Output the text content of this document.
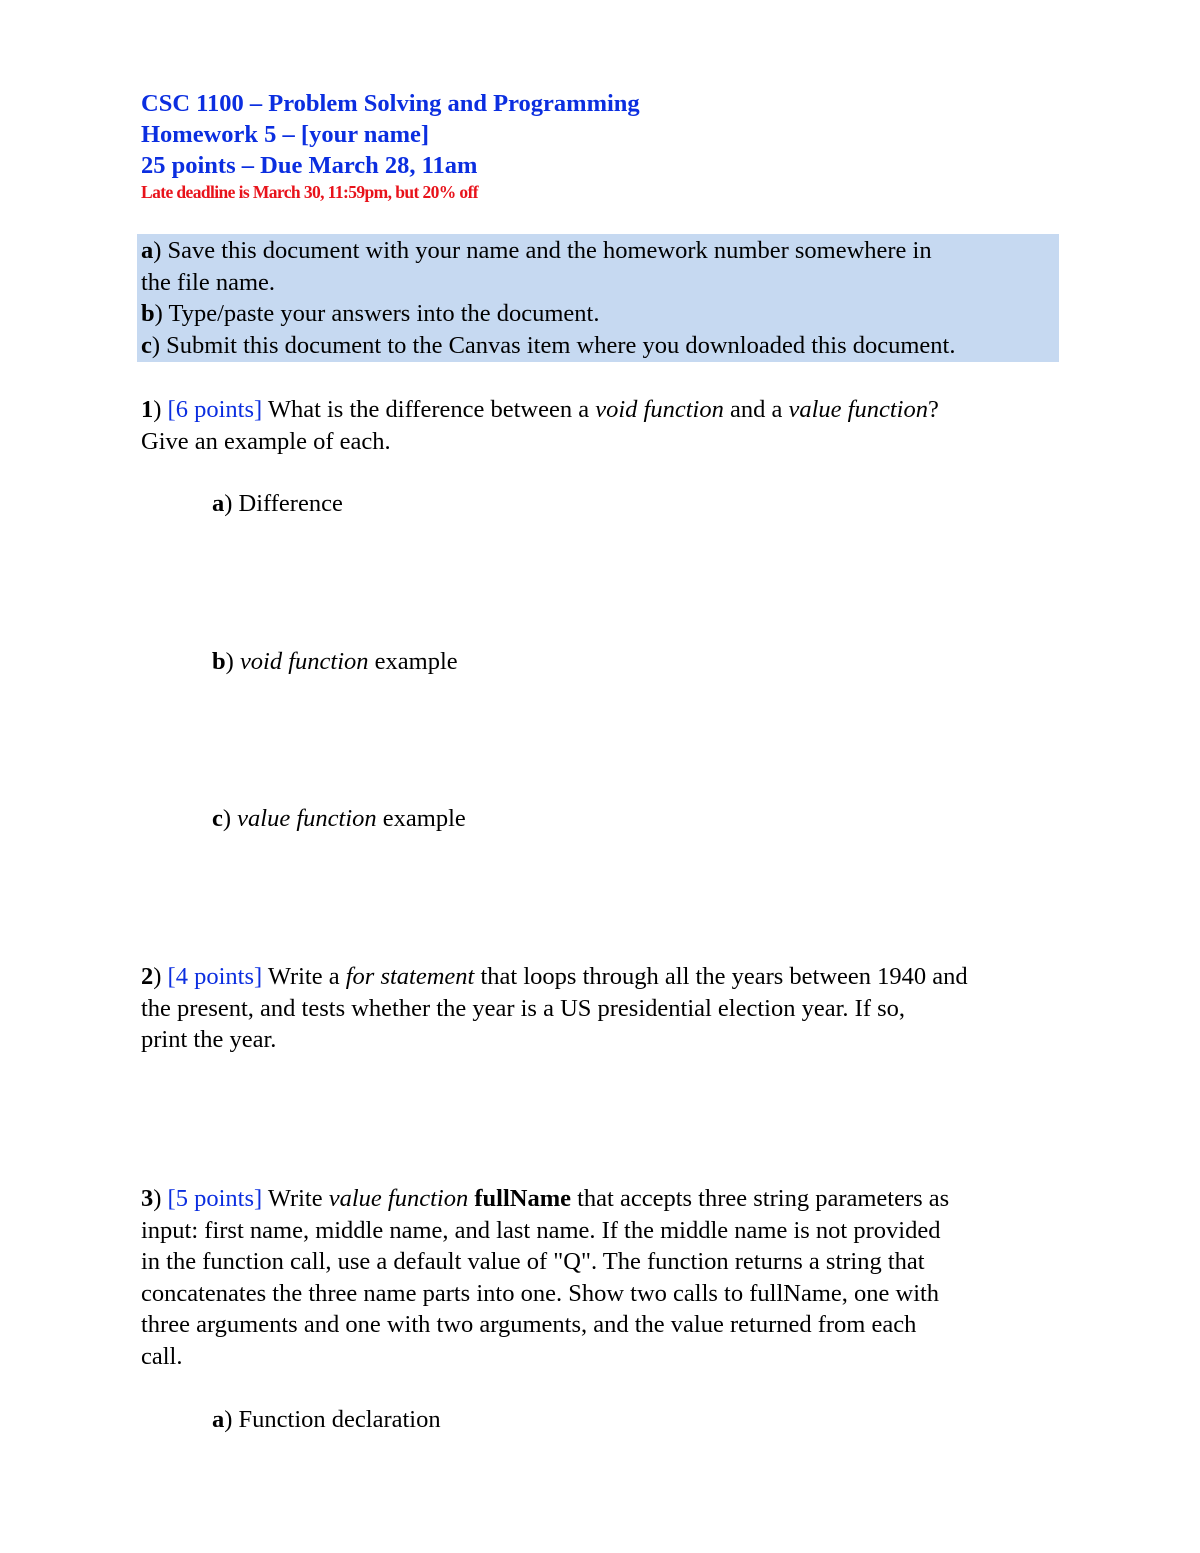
CSC 1100 – Problem Solving and Programming
Homework 5 – [your name]
25 points – Due March 28, 11am
Late deadline is March 30, 11:59pm, but 20% off
a) Save this document with your name and the homework number somewhere in
the file name.
b) Type/paste your answers into the document.
c) Submit this document to the Canvas item where you downloaded this document.
1) [6 points] What is the difference between a void function and a value function?
Give an example of each.
a) Difference
b) void function example
c) value function example
2) [4 points] Write a for statement that loops through all the years between 1940 and
the present, and tests whether the year is a US presidential election year. If so,
print the year.
3) [5 points] Write value function fullName that accepts three string parameters as
input: first name, middle name, and last name. If the middle name is not provided
in the function call, use a default value of "Q". The function returns a string that
concatenates the three name parts into one. Show two calls to fullName, one with
three arguments and one with two arguments, and the value returned from each
call.
a) Function declaration
